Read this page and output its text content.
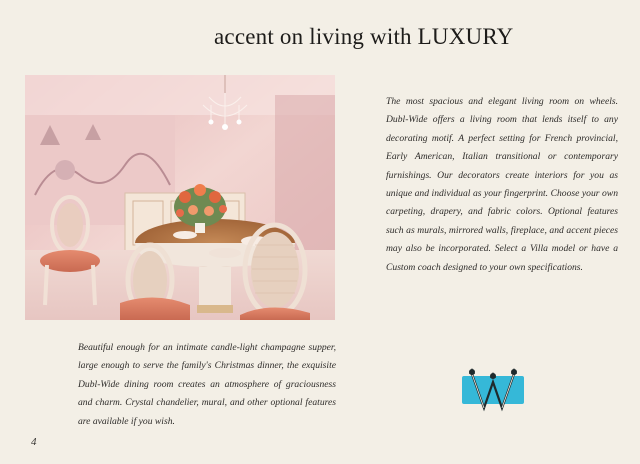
accent on living with LUXURY
The most spacious and elegant living room on wheels. Dubl-Wide offers a living room that lends itself to any decorating motif. A perfect setting for French provincial, Early American, Italian transitional or contemporary furnishings. Our decorators create interiors for you as unique and individual as your fingerprint. Choose your own carpeting, drapery, and fabric colors. Optional features such as murals, mirrored walls, fireplace, and accent pieces may also be incorporated. Select a Villa model or have a Custom coach designed to your own specifications.
Beautiful enough for an intimate candle-light champagne supper, large enough to serve the family's Christmas dinner, the exquisite Dubl-Wide dining room creates an atmosphere of graciousness and charm. Crystal chandelier, mural, and other optional features are available if you wish.
4
